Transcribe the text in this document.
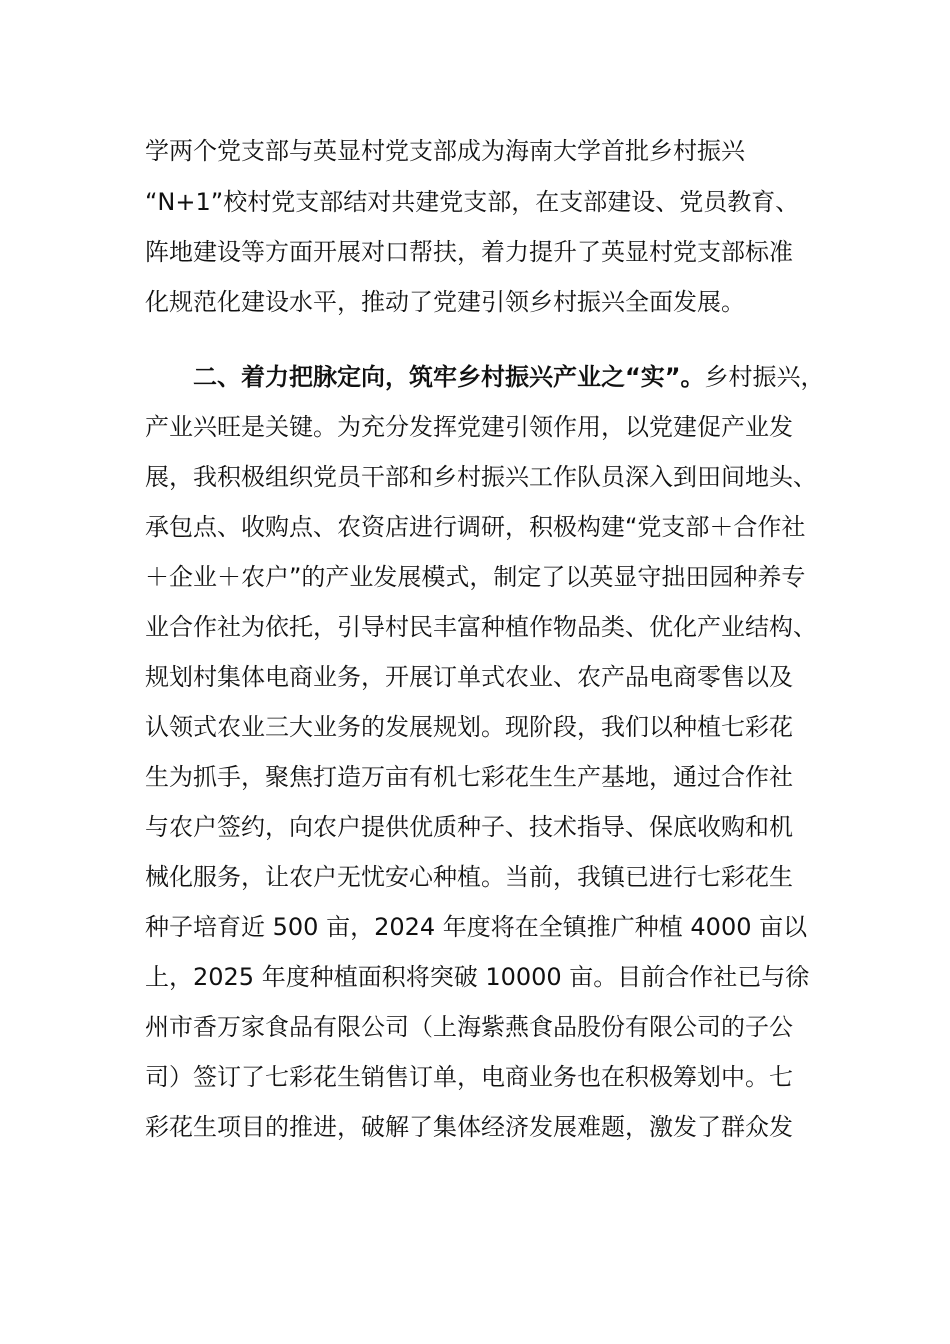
学两个党支部与英显村党支部成为海南大学首批乡村振兴
“N+1”校村党支部结对共建党支部，在支部建设、党员教育、
阵地建设等方面开展对口帮扶，着力提升了英显村党支部标准
化规范化建设水平，推动了党建引领乡村振兴全面发展。
二、着力把脉定向，筑牢乡村振兴产业之“实”。乡村振兴，
产业兴旺是关键。为充分发挥党建引领作用，以党建促产业发
展，我积极组织党员干部和乡村振兴工作队员深入到田间地头、
承包点、收购点、农资店进行调研，积极构建“党支部＋合作社
＋企业＋农户”的产业发展模式，制定了以英显守拙田园种养专
业合作社为依托，引导村民丰富种植作物品类、优化产业结构、
规划村集体电商业务，开展订单式农业、农产品电商零售以及
认领式农业三大业务的发展规划。现阶段，我们以种植七彩花
生为抓手，聚焦打造万亩有机七彩花生生产基地，通过合作社
与农户签约，向农户提供优质种子、技术指导、保底收购和机
械化服务，让农户无忧安心种植。当前，我镇已进行七彩花生
种子培育近 500 亩，2024 年度将在全镇推广种植 4000 亩以
上，2025 年度种植面积将突破 10000 亩。目前合作社已与徐
州市香万家食品有限公司（上海紫燕食品股份有限公司的子公
司）签订了七彩花生销售订单，电商业务也在积极筹划中。七
彩花生项目的推进，破解了集体经济发展难题，激发了群众发
